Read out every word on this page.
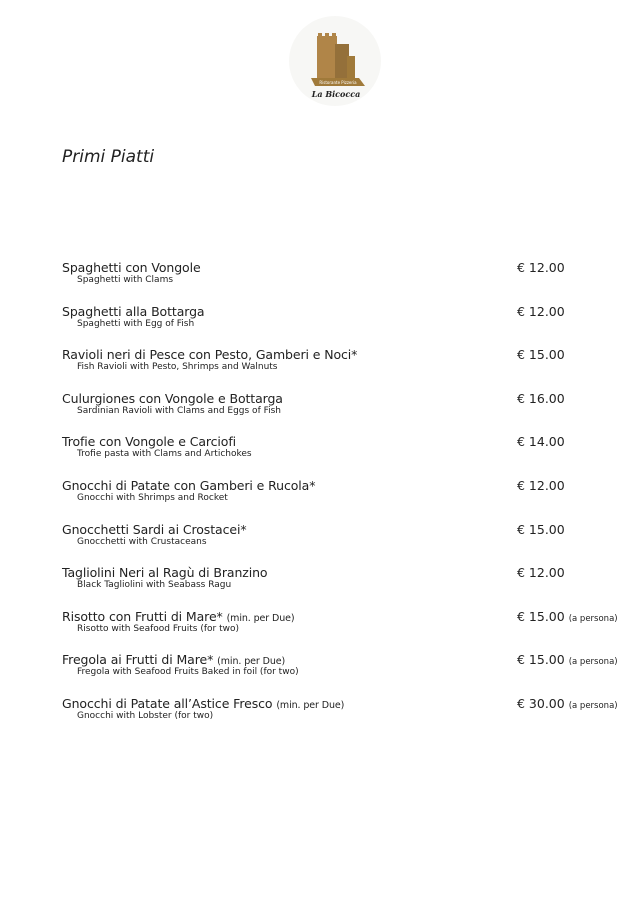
Ristorante Pizzeria
La Bicocca
Primi Piatti
Spaghetti con Vongole
Spaghetti with Clams
€ 12.00
Spaghetti alla Bottarga
Spaghetti with Egg of Fish
€ 12.00
Ravioli neri di Pesce con Pesto, Gamberi e Noci*
Fish Ravioli with Pesto, Shrimps and Walnuts
€ 15.00
Culurgiones con Vongole e Bottarga
Sardinian Ravioli with Clams and Eggs of Fish
€ 16.00
Trofie con Vongole e Carciofi
Trofie pasta with Clams and Artichokes
€ 14.00
Gnocchi di Patate con Gamberi e Rucola*
Gnocchi with Shrimps and Rocket
€ 12.00
Gnocchetti Sardi ai Crostacei*
Gnocchetti with Crustaceans
€ 15.00
Tagliolini Neri al Ragù di Branzino
Black Tagliolini with Seabass Ragu
€ 12.00
Risotto con Frutti di Mare* (min. per Due)
Risotto with Seafood Fruits (for two)
€ 15.00 (a persona)
Fregola ai Frutti di Mare* (min. per Due)
Fregola with Seafood Fruits Baked in foil (for two)
€ 15.00 (a persona)
Gnocchi di Patate all’Astice Fresco (min. per Due)
Gnocchi with Lobster (for two)
€ 30.00 (a persona)
